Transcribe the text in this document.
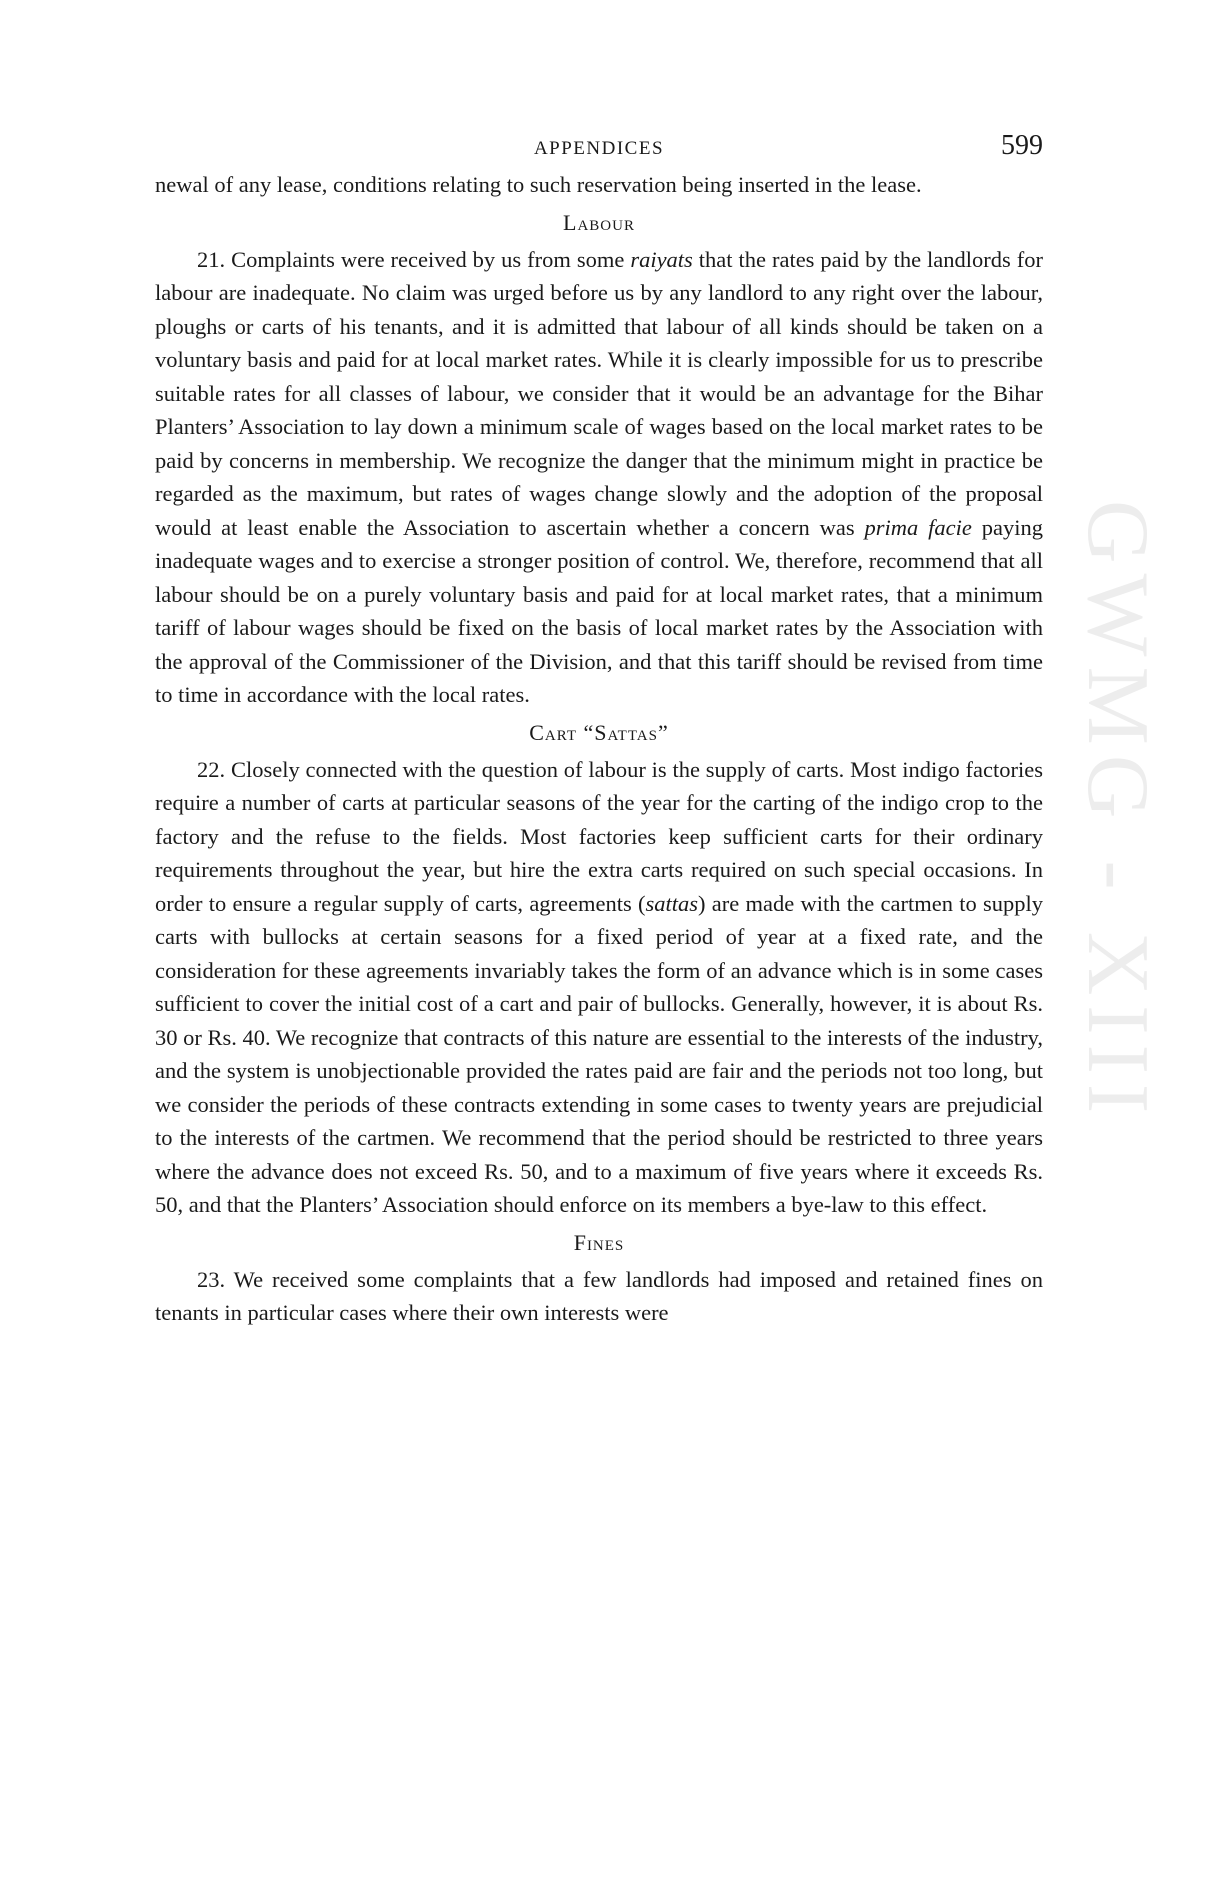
GWMG - XIII
APPENDICES	599

newal of any lease, conditions relating to such reservation being inserted in the lease.

Labour

21. Complaints were received by us from some raiyats that the rates paid by the landlords for labour are inadequate. No claim was urged before us by any landlord to any right over the labour, ploughs or carts of his tenants, and it is admitted that labour of all kinds should be taken on a voluntary basis and paid for at local market rates. While it is clearly impossible for us to prescribe suitable rates for all classes of labour, we consider that it would be an advantage for the Bihar Planters’ Association to lay down a minimum scale of wages based on the local market rates to be paid by concerns in membership. We recognize the danger that the minimum might in practice be regarded as the maximum, but rates of wages change slowly and the adoption of the proposal would at least enable the Association to ascertain whether a concern was prima facie paying inadequate wages and to exercise a stronger position of control. We, therefore, recommend that all labour should be on a purely voluntary basis and paid for at local market rates, that a minimum tariff of labour wages should be fixed on the basis of local market rates by the Association with the approval of the Commissioner of the Division, and that this tariff should be revised from time to time in accordance with the local rates.

Cart “Sattas”

22. Closely connected with the question of labour is the supply of carts. Most indigo factories require a number of carts at particular seasons of the year for the carting of the indigo crop to the factory and the refuse to the fields. Most factories keep sufficient carts for their ordinary requirements throughout the year, but hire the extra carts required on such special occasions. In order to ensure a regular supply of carts, agreements (sattas) are made with the cartmen to supply carts with bullocks at certain seasons for a fixed period of year at a fixed rate, and the consideration for these agreements invariably takes the form of an advance which is in some cases sufficient to cover the initial cost of a cart and pair of bullocks. Generally, however, it is about Rs. 30 or Rs. 40. We recognize that contracts of this nature are essential to the interests of the industry, and the system is unobjectionable provided the rates paid are fair and the periods not too long, but we consider the periods of these contracts extending in some cases to twenty years are prejudicial to the interests of the cartmen. We recommend that the period should be restricted to three years where the advance does not exceed Rs. 50, and to a maximum of five years where it exceeds Rs. 50, and that the Planters’ Association should enforce on its members a bye-law to this effect.

Fines

23. We received some complaints that a few landlords had imposed and retained fines on tenants in particular cases where their own interests were
